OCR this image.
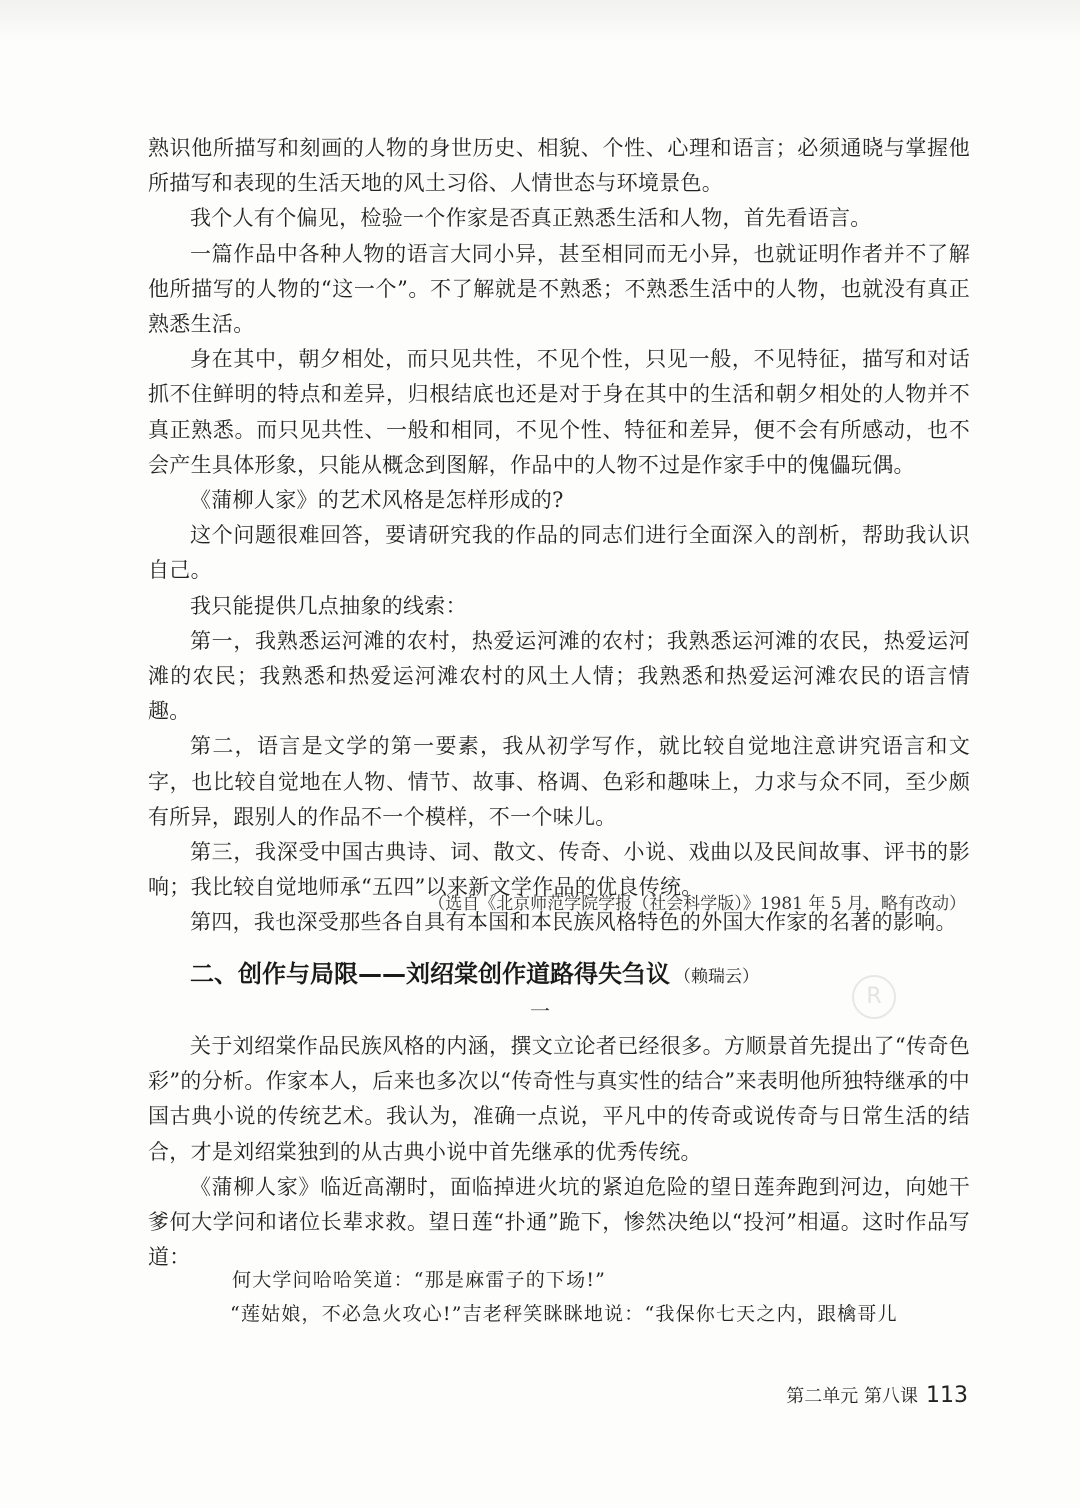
熟识他所描写和刻画的人物的身世历史、相貌、个性、心理和语言；必须通晓与掌握他所描写和表现的生活天地的风土习俗、人情世态与环境景色。

我个人有个偏见，检验一个作家是否真正熟悉生活和人物，首先看语言。

一篇作品中各种人物的语言大同小异，甚至相同而无小异，也就证明作者并不了解他所描写的人物的“这一个”。不了解就是不熟悉；不熟悉生活中的人物，也就没有真正熟悉生活。

身在其中，朝夕相处，而只见共性，不见个性，只见一般，不见特征，描写和对话抓不住鲜明的特点和差异，归根结底也还是对于身在其中的生活和朝夕相处的人物并不真正熟悉。而只见共性、一般和相同，不见个性、特征和差异，便不会有所感动，也不会产生具体形象，只能从概念到图解，作品中的人物不过是作家手中的傀儡玩偶。

《蒲柳人家》的艺术风格是怎样形成的?

这个问题很难回答，要请研究我的作品的同志们进行全面深入的剖析，帮助我认识自己。

我只能提供几点抽象的线索：

第一，我熟悉运河滩的农村，热爱运河滩的农村；我熟悉运河滩的农民，热爱运河滩的农民；我熟悉和热爱运河滩农村的风土人情；我熟悉和热爱运河滩农民的语言情趣。

第二，语言是文学的第一要素，我从初学写作，就比较自觉地注意讲究语言和文字，也比较自觉地在人物、情节、故事、格调、色彩和趣味上，力求与众不同，至少颇有所异，跟别人的作品不一个模样，不一个味儿。

第三，我深受中国古典诗、词、散文、传奇、小说、戏曲以及民间故事、评书的影响；我比较自觉地师承“五四”以来新文学作品的优良传统。

第四，我也深受那些各自具有本国和本民族风格特色的外国大作家的名著的影响。

（选自《北京师范学院学报（社会科学版）》1981 年 5 月，略有改动）
二、创作与局限——刘绍棠创作道路得失刍议 （赖瑞云）
R
一

关于刘绍棠作品民族风格的内涵，撰文立论者已经很多。方顺景首先提出了“传奇色彩”的分析。作家本人，后来也多次以“传奇性与真实性的结合”来表明他所独特继承的中国古典小说的传统艺术。我认为，准确一点说，平凡中的传奇或说传奇与日常生活的结合，才是刘绍棠独到的从古典小说中首先继承的优秀传统。

《蒲柳人家》临近高潮时，面临掉进火坑的紧迫危险的望日莲奔跑到河边，向她干爹何大学问和诸位长辈求救。望日莲“扑通”跪下，惨然决绝以“投河”相逼。这时作品写道：

何大学问哈哈笑道：“那是麻雷子的下场!”

“莲姑娘，不必急火攻心!”吉老秤笑眯眯地说：“我保你七天之内，跟檎哥儿

第二单元 第八课 113
